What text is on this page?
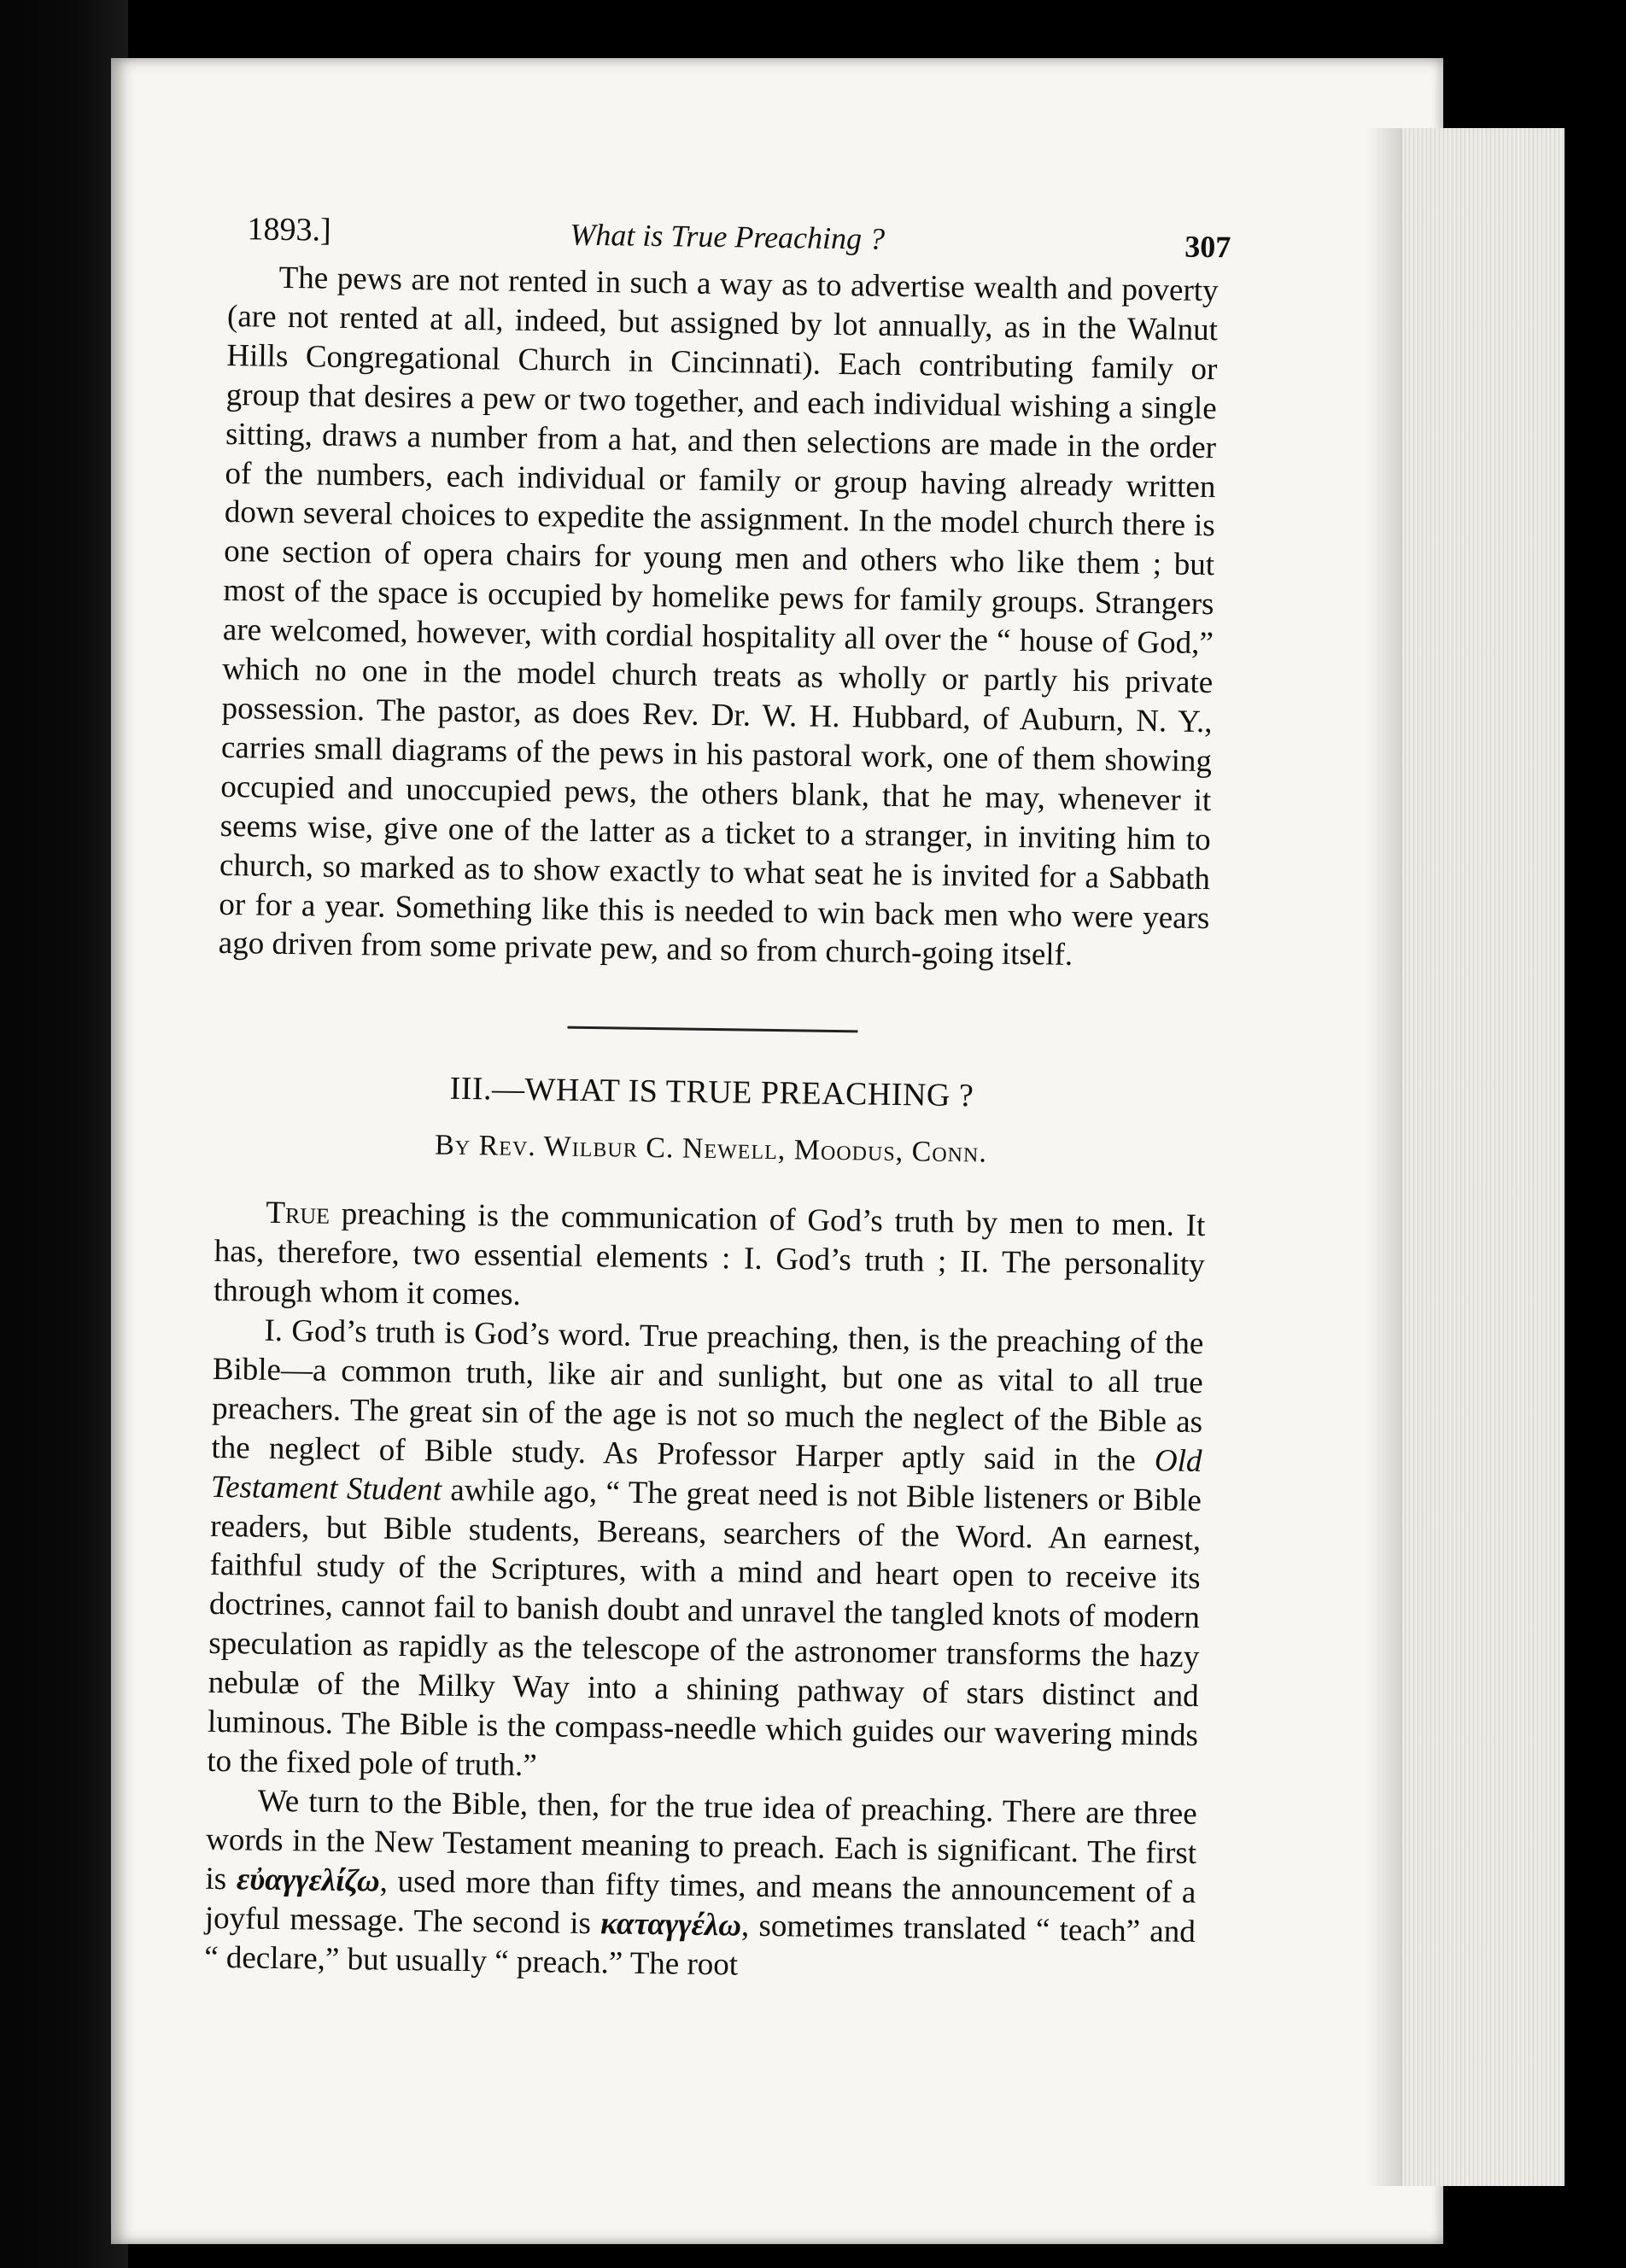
1893.]	What is True Preaching ?	307

The pews are not rented in such a way as to advertise wealth and poverty (are not rented at all, indeed, but assigned by lot annually, as in the Walnut Hills Congregational Church in Cincinnati). Each contributing family or group that desires a pew or two together, and each individual wishing a single sitting, draws a number from a hat, and then selections are made in the order of the numbers, each individual or family or group having already written down several choices to expedite the assignment. In the model church there is one section of opera chairs for young men and others who like them ; but most of the space is occupied by homelike pews for family groups. Strangers are welcomed, however, with cordial hospitality all over the “ house of God,” which no one in the model church treats as wholly or partly his private possession. The pastor, as does Rev. Dr. W. H. Hubbard, of Auburn, N. Y., carries small diagrams of the pews in his pastoral work, one of them showing occupied and unoccupied pews, the others blank, that he may, whenever it seems wise, give one of the latter as a ticket to a stranger, in inviting him to church, so marked as to show exactly to what seat he is invited for a Sabbath or for a year. Something like this is needed to win back men who were years ago driven from some private pew, and so from church-going itself.

III.—WHAT IS TRUE PREACHING ?
By Rev. Wilbur C. Newell, Moodus, Conn.

True preaching is the communication of God’s truth by men to men. It has, therefore, two essential elements : I. God’s truth ; II. The personality through whom it comes.

I. God’s truth is God’s word. True preaching, then, is the preaching of the Bible—a common truth, like air and sunlight, but one as vital to all true preachers. The great sin of the age is not so much the neglect of the Bible as the neglect of Bible study. As Professor Harper aptly said in the Old Testament Student awhile ago, “ The great need is not Bible listeners or Bible readers, but Bible students, Bereans, searchers of the Word. An earnest, faithful study of the Scriptures, with a mind and heart open to receive its doctrines, cannot fail to banish doubt and unravel the tangled knots of modern speculation as rapidly as the telescope of the astronomer transforms the hazy nebulæ of the Milky Way into a shining pathway of stars distinct and luminous. The Bible is the compass-needle which guides our wavering minds to the fixed pole of truth.”

We turn to the Bible, then, for the true idea of preaching. There are three words in the New Testament meaning to preach. Each is significant. The first is εὐαγγελίζω, used more than fifty times, and means the announcement of a joyful message. The second is καταγγέλω, sometimes translated “ teach” and “ declare,” but usually “ preach.” The root
